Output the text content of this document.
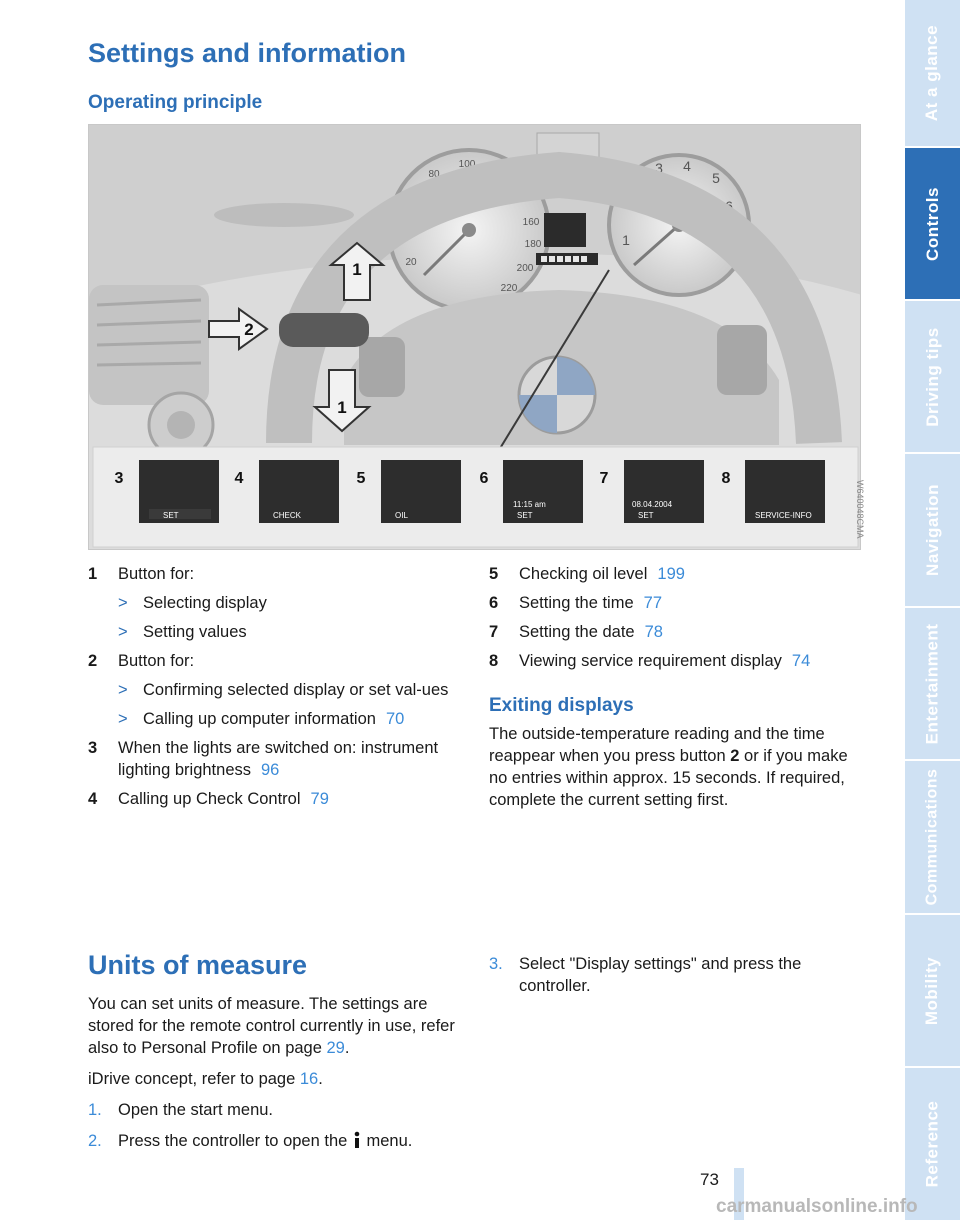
At a glance
Controls
Driving tips
Navigation
Entertainment
Communications
Mobility
Reference
Settings and information
Operating principle
20
40
60
80
100
120
140
160
180
200
220
1
2
3 4
5
6
7
1
2
1
3	4	5	6	7	8
SET	CHECK	OIL
11:15 am
SET
08.04.2004
SET	SERVICE-INFO	W640048CMA
1 Button for:
> Selecting display
> Setting values
2 Button for:
> Confirming selected display or set val-ues
> Calling up computer information 70
3 When the lights are switched on: instrument lighting brightness 96
4 Calling up Check Control 79
5 Checking oil level 199
6 Setting the time 77
7 Setting the date 78
8 Viewing service requirement display 74
Exiting displays

The outside-temperature reading and the time reappear when you press button 2 or if you make no entries within approx. 15 seconds. If required, complete the current setting first.

Units of measure

You can set units of measure. The settings are stored for the remote control currently in use, refer also to Personal Profile on page 29.

iDrive concept, refer to page 16.

1. Open the start menu.
2. Press the controller to open the  menu.
3. Select "Display settings" and press the controller.
73
carmanualsonline.info
